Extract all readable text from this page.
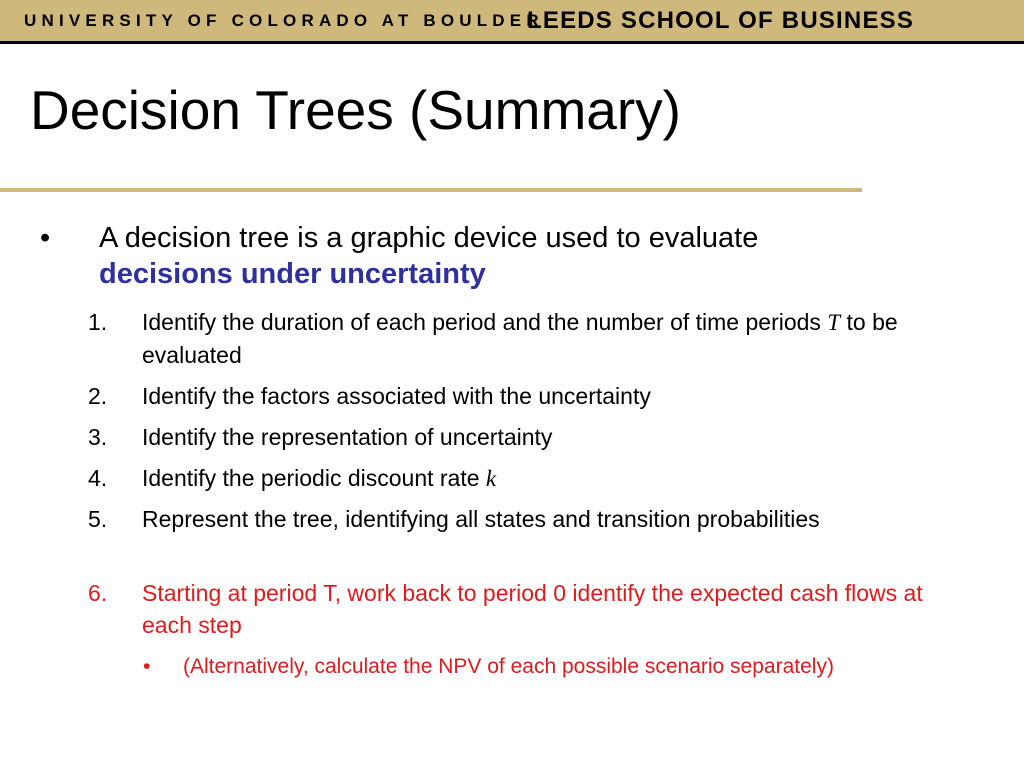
UNIVERSITY OF COLORADO AT BOULDER
LEEDS SCHOOL OF BUSINESS
Decision Trees (Summary)
• A decision tree is a graphic device used to evaluate
decisions under uncertainty
1. Identify the duration of each period and the number of time periods T to be evaluated
2. Identify the factors associated with the uncertainty
3. Identify the representation of uncertainty
4. Identify the periodic discount rate k
5. Represent the tree, identifying all states and transition probabilities
6. Starting at period T, work back to period 0 identify the expected cash flows at each step
• (Alternatively, calculate the NPV of each possible scenario separately)
